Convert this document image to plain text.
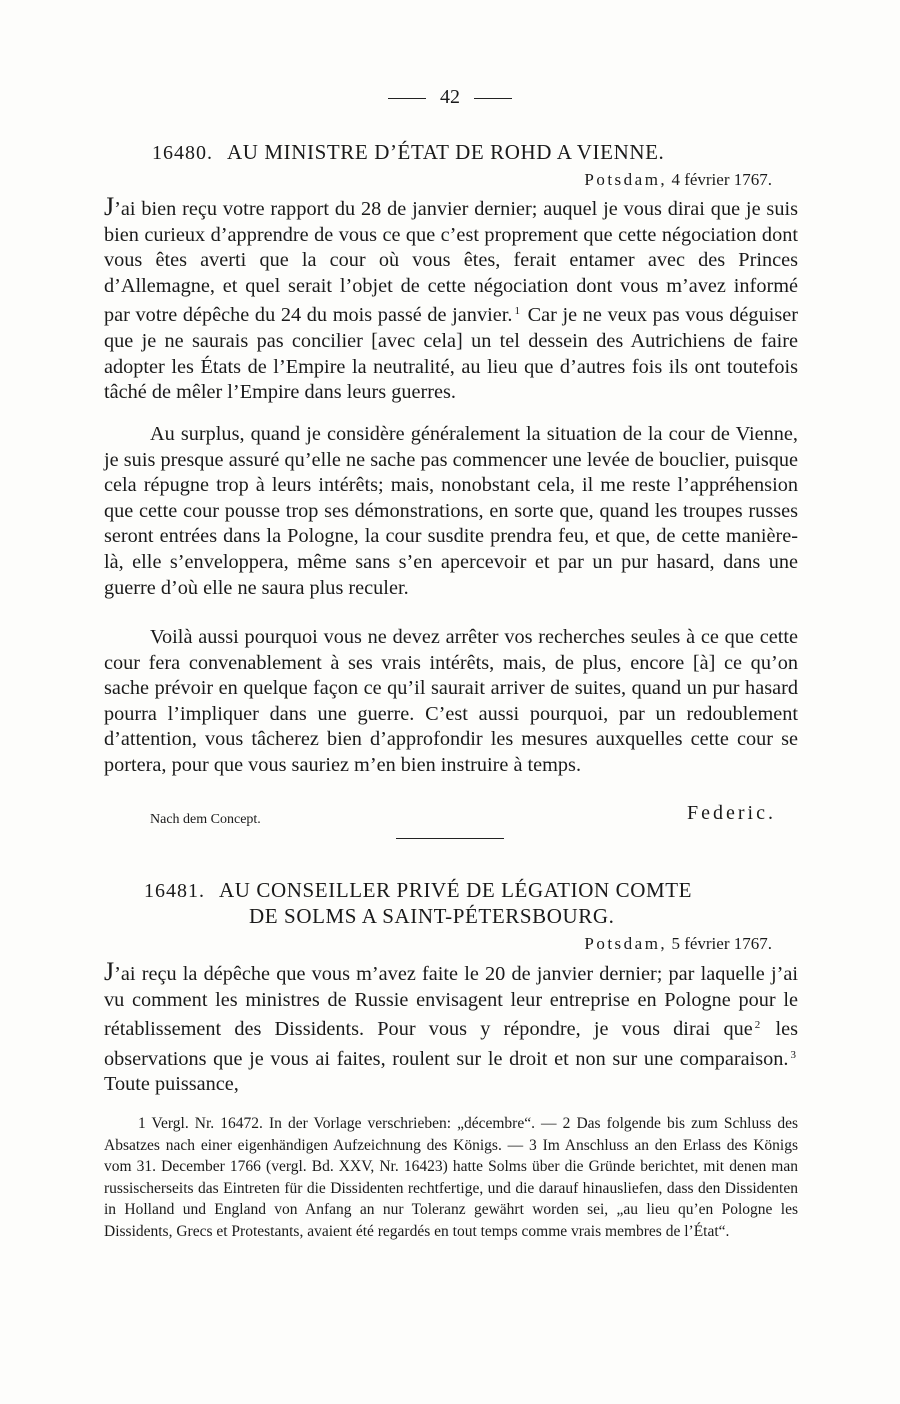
42
16480. AU MINISTRE D’ÉTAT DE ROHD A VIENNE.
Potsdam, 4 février 1767.

J’ai bien reçu votre rapport du 28 de janvier dernier; auquel je vous dirai que je suis bien curieux d’apprendre de vous ce que c’est proprement que cette négociation dont vous êtes averti que la cour où vous êtes, ferait entamer avec des Princes d’Allemagne, et quel serait l’objet de cette négociation dont vous m’avez informé par votre dépêche du 24 du mois passé de janvier. $^1$ Car je ne veux pas vous déguiser que je ne saurais pas concilier [avec cela] un tel dessein des Autrichiens de faire adopter les États de l’Empire la neutralité, au lieu que d’autres fois ils ont toutefois tâché de mêler l’Empire dans leurs guerres.

Au surplus, quand je considère généralement la situation de la cour de Vienne, je suis presque assuré qu’elle ne sache pas commencer une levée de bouclier, puisque cela répugne trop à leurs intérêts; mais, nonobstant cela, il me reste l’appréhension que cette cour pousse trop ses démonstrations, en sorte que, quand les troupes russes seront entrées dans la Pologne, la cour susdite prendra feu, et que, de cette manière-là, elle s’enveloppera, même sans s’en apercevoir et par un pur hasard, dans une guerre d’où elle ne saura plus reculer.

Voilà aussi pourquoi vous ne devez arrêter vos recherches seules à ce que cette cour fera convenablement à ses vrais intérêts, mais, de plus, encore [à] ce qu’on sache prévoir en quelque façon ce qu’il saurait arriver de suites, quand un pur hasard pourra l’impliquer dans une guerre. C’est aussi pourquoi, par un redoublement d’attention, vous tâcherez bien d’approfondir les mesures auxquelles cette cour se portera, pour que vous sauriez m’en bien instruire à temps.

Nach dem Concept.	Federic.
16481. AU CONSEILLER PRIVÉ DE LÉGATION COMTE
DE SOLMS A SAINT-PÉTERSBOURG.
Potsdam, 5 février 1767.

J’ai reçu la dépêche que vous m’avez faite le 20 de janvier dernier; par laquelle j’ai vu comment les ministres de Russie envisagent leur entreprise en Pologne pour le rétablissement des Dissidents. Pour vous y répondre, je vous dirai que $^2$ les observations que je vous ai faites, roulent sur le droit et non sur une comparaison. $^3$ Toute puissance,

1 Vergl. Nr. 16472. In der Vorlage verschrieben: „décembre“. — 2 Das folgende bis zum Schluss des Absatzes nach einer eigenhändigen Aufzeichnung des Königs. — 3 Im Anschluss an den Erlass des Königs vom 31. December 1766 (vergl. Bd. XXV, Nr. 16423) hatte Solms über die Gründe berichtet, mit denen man russischerseits das Eintreten für die Dissidenten rechtfertige, und die darauf hinausliefen, dass den Dissidenten in Holland und England von Anfang an nur Toleranz gewährt worden sei, „au lieu qu’en Pologne les Dissidents, Grecs et Protestants, avaient été regardés en tout temps comme vrais membres de l’État“.
